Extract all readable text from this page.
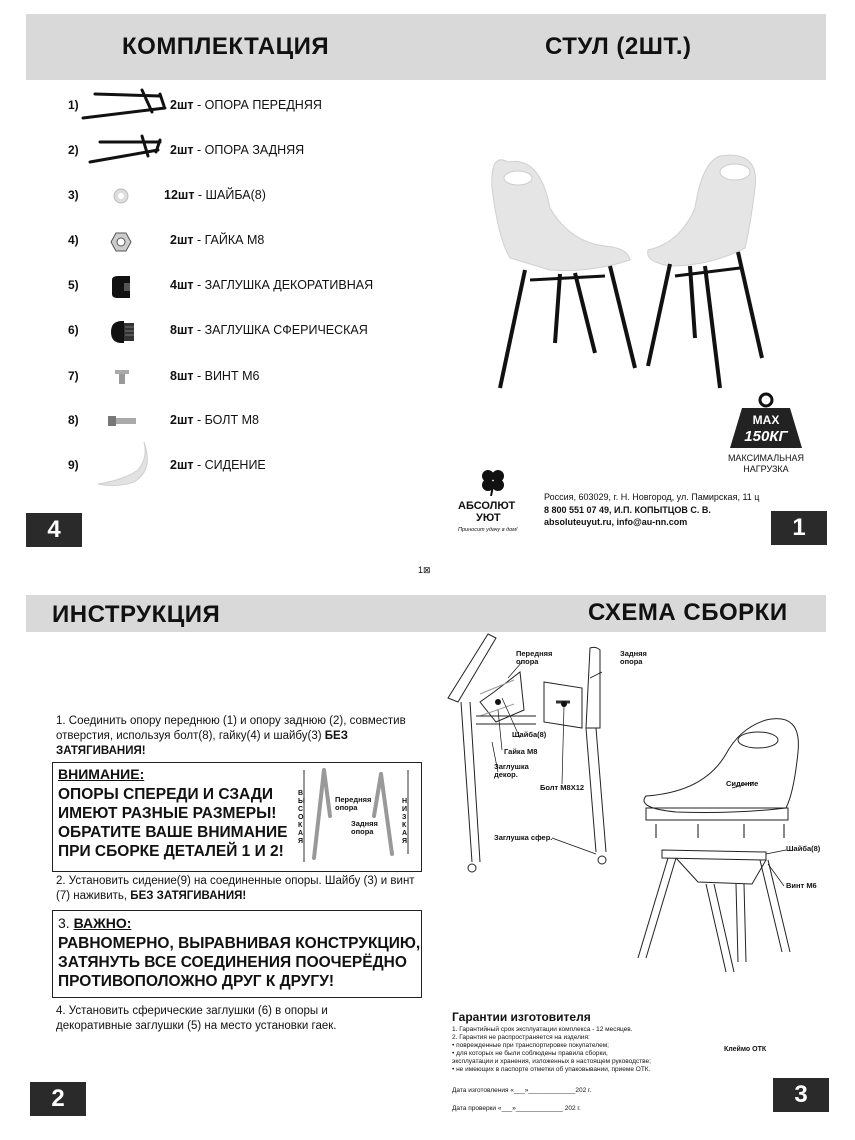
КОМПЛЕКТАЦИЯ	СТУЛ (2ШТ.)
1)	2шт - ОПОРА ПЕРЕДНЯЯ
2)	2шт - ОПОРА ЗАДНЯЯ
3)	12шт - ШАЙБА(8)
4)	2шт - ГАЙКА М8
5)	4шт - ЗАГЛУШКА ДЕКОРАТИВНАЯ
6)	8шт - ЗАГЛУШКА СФЕРИЧЕСКАЯ
7)	8шт - ВИНТ М6
8)	2шт - БОЛТ М8
9)	2шт - СИДЕНИЕ
MAX
150КГ
МАКСИМАЛЬНАЯ
НАГРУЗКА
АБСОЛЮТ
УЮТ
Приносит удачу в дом!
Россия, 603029, г. Н. Новгород, ул. Памирская, 11 ц
8 800 551 07 49, И.П. КОПЫТЦОВ С. В.
absoluteuyut.ru, info@au-nn.com
4	1
1⊠
ИНСТРУКЦИЯ	СХЕМА СБОРКИ
1. Соединить опору переднюю (1) и опору заднюю (2), совместив отверстия, используя болт(8), гайку(4) и шайбу(3) БЕЗ ЗАТЯГИВАНИЯ!
ВНИМАНИЕ:
ОПОРЫ СПЕРЕДИ И СЗАДИ
ИМЕЮТ РАЗНЫЕ РАЗМЕРЫ!
ОБРАТИТЕ ВАШЕ ВНИМАНИЕ
ПРИ СБОРКЕ ДЕТАЛЕЙ 1 И 2!
ВЫСОКАЯ
НИЗКАЯ
Передняя опора
Задняя опора
2. Установить сидение(9) на соединенные опоры. Шайбу (3) и винт (7) наживить, БЕЗ ЗАТЯГИВАНИЯ!
3. ВАЖНО:
РАВНОМЕРНО, ВЫРАВНИВАЯ КОНСТРУКЦИЮ,
ЗАТЯНУТЬ ВСЕ СОЕДИНЕНИЯ ПООЧЕРЁДНО
ПРОТИВОПОЛОЖНО ДРУГ К ДРУГУ!
4. Установить сферические заглушки (6) в опоры и декоративные заглушки (5) на место установки гаек.
Передняя опора
Задняя опора
Шайба(8)
Гайка М8
Заглушка декор.
Болт М8Х12
Заглушка сфер.
Сидение
Шайба(8)
Винт М6
Гарантии изготовителя
1. Гарантийный срок эксплуатации комплекса - 12 месяцев.
2. Гарантия не распространяется на изделия:
• поврежденные при транспортировке покупателем;
• для которых не были соблюдены правила сборки,
эксплуатации и хранения, изложенных в настоящем руководстве;
• не имеющих в паспорте отметки об упаковывании, приеме ОТК.
Клеймо ОТК
Дата изготовления «___»_____________202 г.
Дата проверки «___»_____________ 202 г.
2	3
